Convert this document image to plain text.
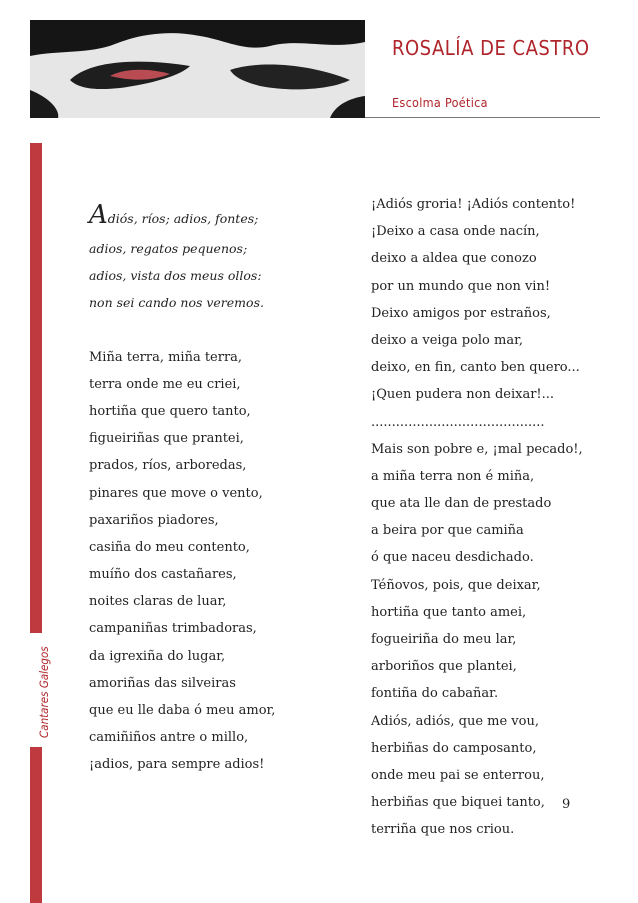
ROSALÍA DE CASTRO
Escolma Poética
Cantares Galegos
Adiós, ríos; adios, fontes;
adios, regatos pequenos;
adios, vista dos meus ollos:
non sei cando nos veremos.
Miña terra, miña terra,
terra onde me eu criei,
hortiña que quero tanto,
figueiriñas que prantei,
prados, ríos, arboredas,
pinares que move o vento,
paxariños piadores,
casiña do meu contento,
muíño dos castañares,
noites claras de luar,
campaniñas trimbadoras,
da igrexiña do lugar,
amoriñas das silveiras
que eu lle daba ó meu amor,
camiñiños antre o millo,
¡adios, para sempre adios!
¡Adiós groria! ¡Adiós contento!
¡Deixo a casa onde nacín,
deixo a aldea que conozo
por un mundo que non vin!
Deixo amigos por estraños,
deixo a veiga polo mar,
deixo, en fin, canto ben quero...
¡Quen pudera non deixar!...
..........................................
Mais son pobre e, ¡mal pecado!,
a miña terra non é miña,
que ata lle dan de prestado
a beira por que camiña
ó que naceu desdichado.
Téñovos, pois, que deixar,
hortiña que tanto amei,
fogueiriña do meu lar,
arboriños que plantei,
fontiña do cabañar.
Adiós, adiós, que me vou,
herbiñas do camposanto,
onde meu pai se enterrou,
herbiñas que biquei tanto,
terriña que nos criou.
9
